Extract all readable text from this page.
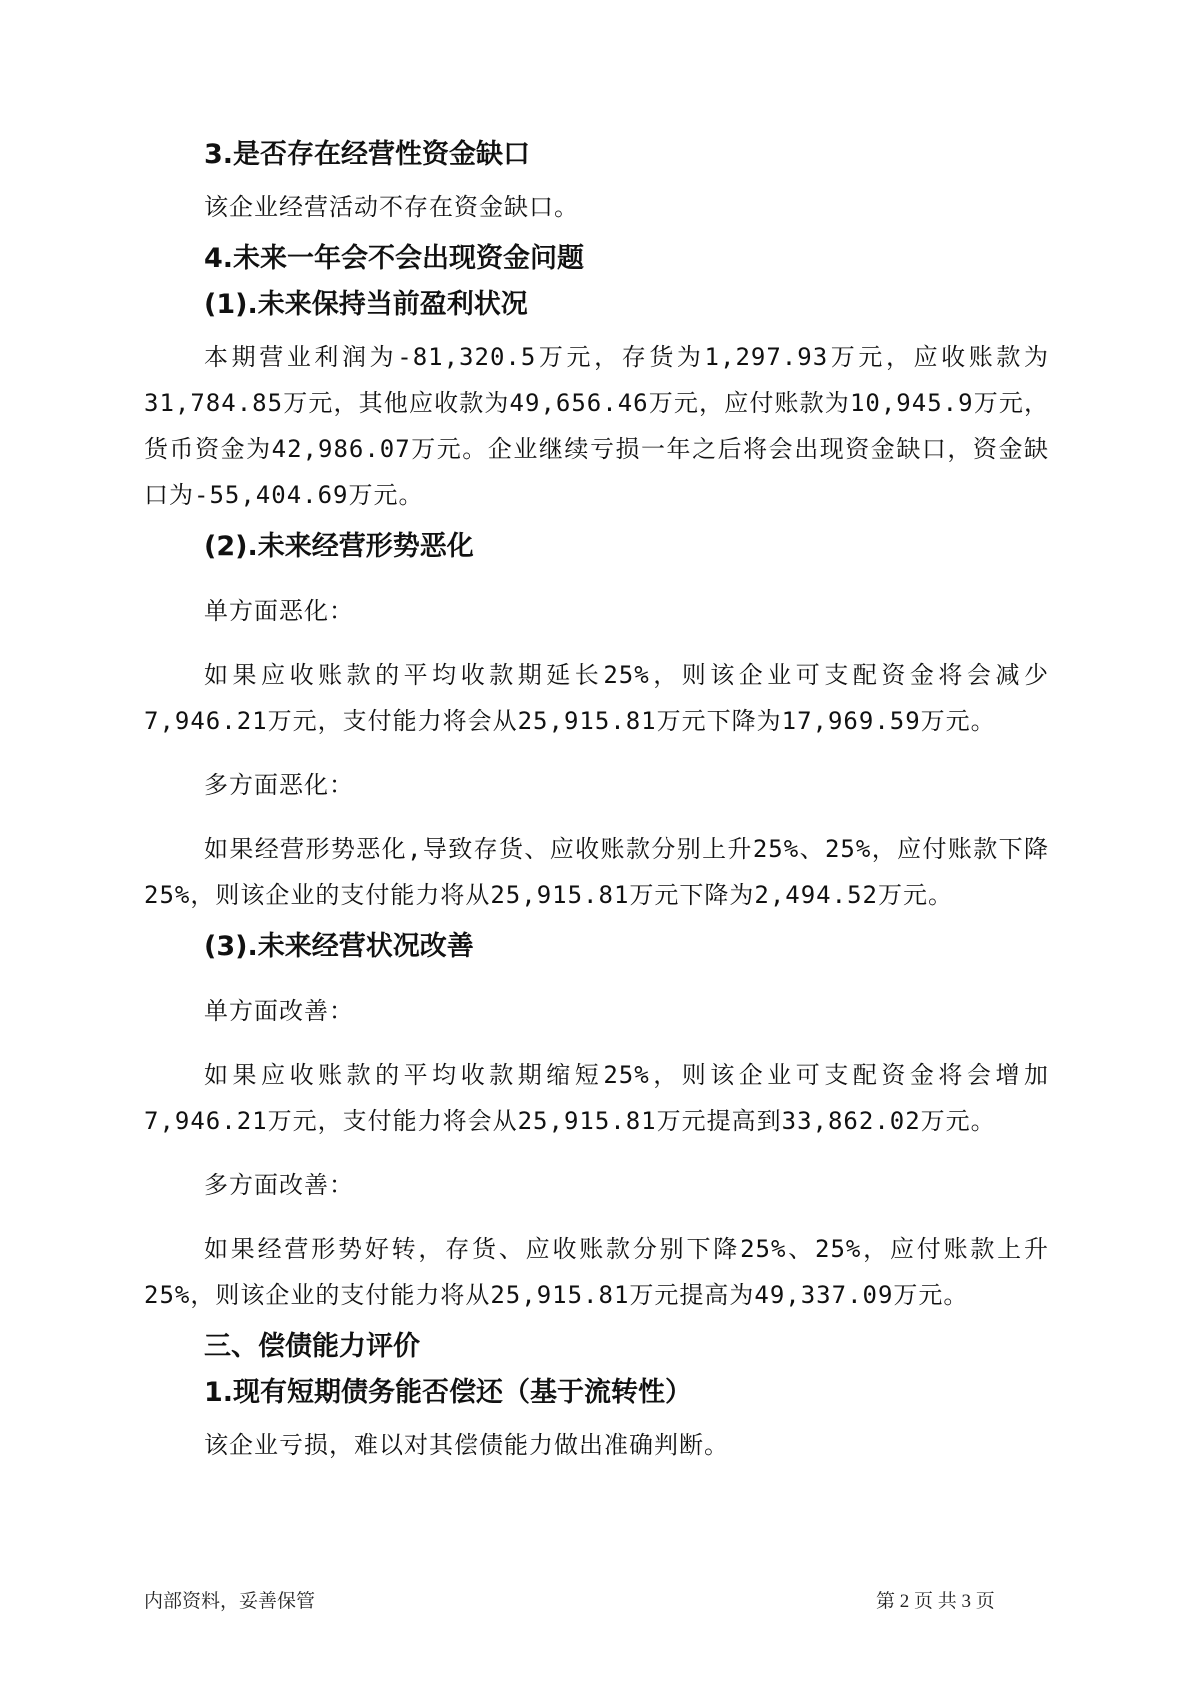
3.是否存在经营性资金缺口

该企业经营活动不存在资金缺口。

4.未来一年会不会出现资金问题
(1).未来保持当前盈利状况

本期营业利润为-81,320.5万元，存货为1,297.93万元，应收账款为31,784.85万元，其他应收款为49,656.46万元，应付账款为10,945.9万元，货币资金为42,986.07万元。企业继续亏损一年之后将会出现资金缺口，资金缺口为-55,404.69万元。

(2).未来经营形势恶化

单方面恶化：

如果应收账款的平均收款期延长25%，则该企业可支配资金将会减少7,946.21万元，支付能力将会从25,915.81万元下降为17,969.59万元。

多方面恶化：

如果经营形势恶化,导致存货、应收账款分别上升25%、25%，应付账款下降25%，则该企业的支付能力将从25,915.81万元下降为2,494.52万元。

(3).未来经营状况改善

单方面改善：

如果应收账款的平均收款期缩短25%，则该企业可支配资金将会增加7,946.21万元，支付能力将会从25,915.81万元提高到33,862.02万元。

多方面改善：

如果经营形势好转，存货、应收账款分别下降25%、25%，应付账款上升25%，则该企业的支付能力将从25,915.81万元提高为49,337.09万元。

三、偿债能力评价
1.现有短期债务能否偿还（基于流转性）

该企业亏损，难以对其偿债能力做出准确判断。

内部资料，妥善保管	第 2 页 共 3 页
